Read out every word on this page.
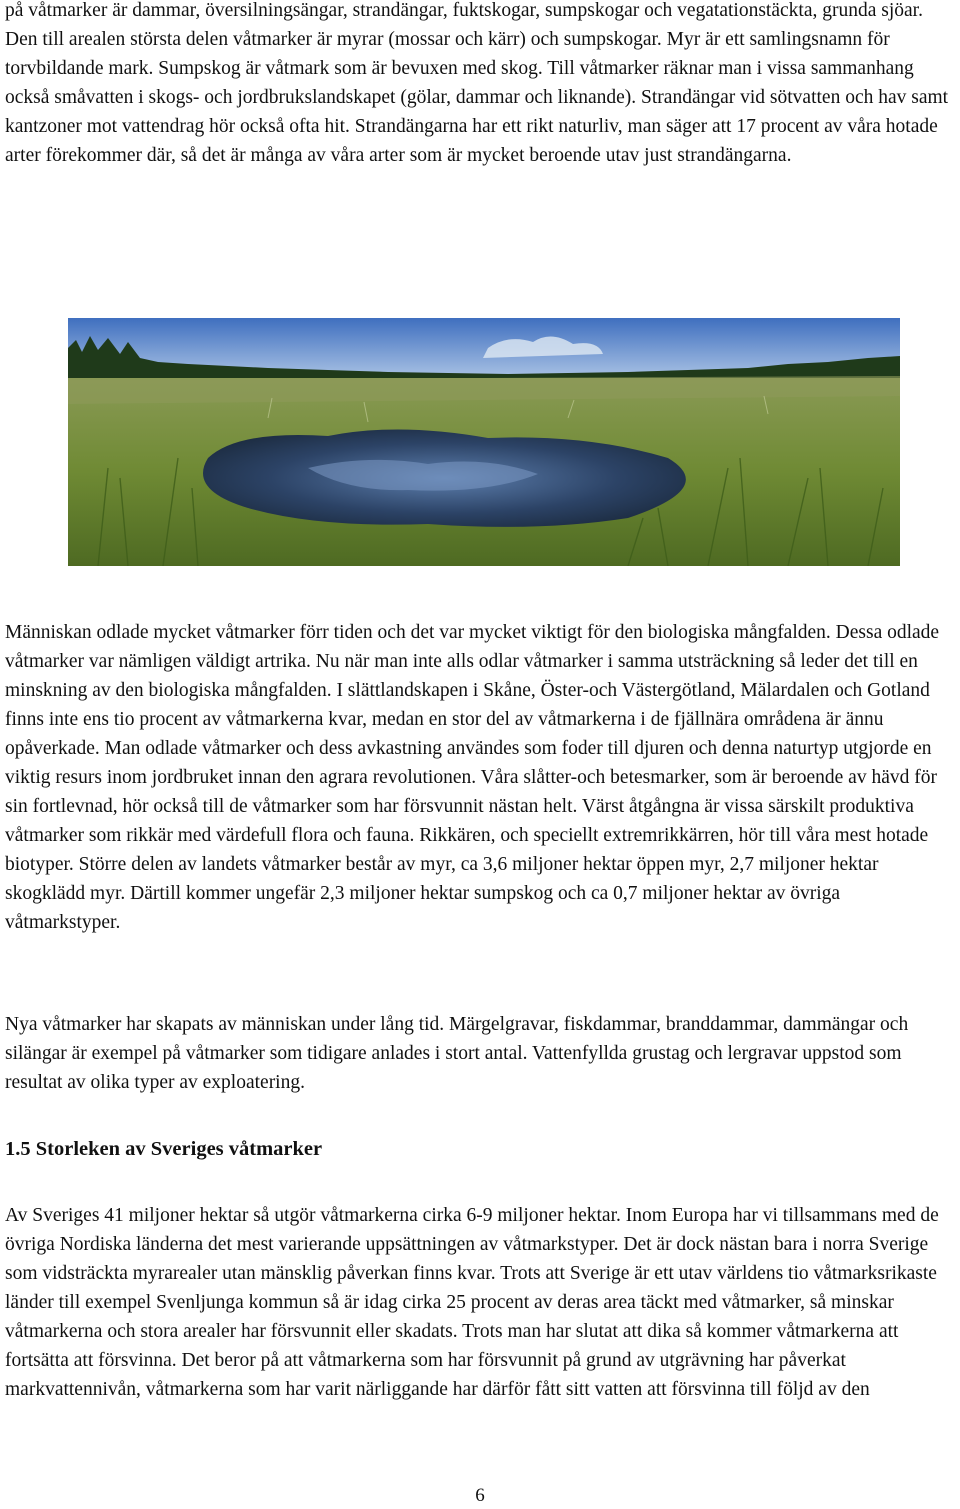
på våtmarker är dammar, översilningsängar, strandängar, fuktskogar, sumpskogar och vegatationstäckta, grunda sjöar. Den till arealen största delen våtmarker är myrar (mossar och kärr) och sumpskogar. Myr är ett samlingsnamn för torvbildande mark. Sumpskog är våtmark som är bevuxen med skog. Till våtmarker räknar man i vissa sammanhang också småvatten i skogs- och jordbrukslandskapet (gölar, dammar och liknande). Strandängar vid sötvatten och hav samt kantzoner mot vattendrag hör också ofta hit. Strandängarna har ett rikt naturliv, man säger att 17 procent av våra hotade arter förekommer där, så det är många av våra arter som är mycket beroende utav just strandängarna.

Människan odlade mycket våtmarker förr tiden och det var mycket viktigt för den biologiska mångfalden. Dessa odlade våtmarker var nämligen väldigt artrika. Nu när man inte alls odlar våtmarker i samma utsträckning så leder det till en minskning av den biologiska mångfalden. I slättlandskapen i Skåne, Öster-och Västergötland, Mälardalen och Gotland finns inte ens tio procent av våtmarkerna kvar, medan en stor del av våtmarkerna i de fjällnära områdena är ännu opåverkade. Man odlade våtmarker och dess avkastning användes som foder till djuren och denna naturtyp utgjorde en viktig resurs inom jordbruket innan den agrara revolutionen. Våra slåtter-och betesmarker, som är beroende av hävd för sin fortlevnad, hör också till de våtmarker som har försvunnit nästan helt. Värst åtgångna är vissa särskilt produktiva våtmarker som rikkär med värdefull flora och fauna. Rikkären, och speciellt extremrikkärren, hör till våra mest hotade biotyper. Större delen av landets våtmarker består av myr, ca 3,6 miljoner hektar öppen myr, 2,7 miljoner hektar skogklädd myr. Därtill kommer ungefär 2,3 miljoner hektar sumpskog och ca 0,7 miljoner hektar av övriga våtmarkstyper.

Nya våtmarker har skapats av människan under lång tid. Märgelgravar, fiskdammar, branddammar, dammängar och silängar är exempel på våtmarker som tidigare anlades i stort antal. Vattenfyllda grustag och lergravar uppstod som resultat av olika typer av exploatering.

1.5 Storleken av Sveriges våtmarker

Av Sveriges 41 miljoner hektar så utgör våtmarkerna cirka 6-9 miljoner hektar. Inom Europa har vi tillsammans med de övriga Nordiska länderna det mest varierande uppsättningen av våtmarkstyper. Det är dock nästan bara i norra Sverige som vidsträckta myrarealer utan mänsklig påverkan finns kvar. Trots att Sverige är ett utav världens tio våtmarksrikaste länder till exempel Svenljunga kommun så är idag cirka 25 procent av deras area täckt med våtmarker, så minskar våtmarkerna och stora arealer har försvunnit eller skadats. Trots man har slutat att dika så kommer våtmarkerna att fortsätta att försvinna. Det beror på att våtmarkerna som har försvunnit på grund av utgrävning har påverkat markvattennivån, våtmarkerna som har varit närliggande har därför fått sitt vatten att försvinna till följd av den

6
